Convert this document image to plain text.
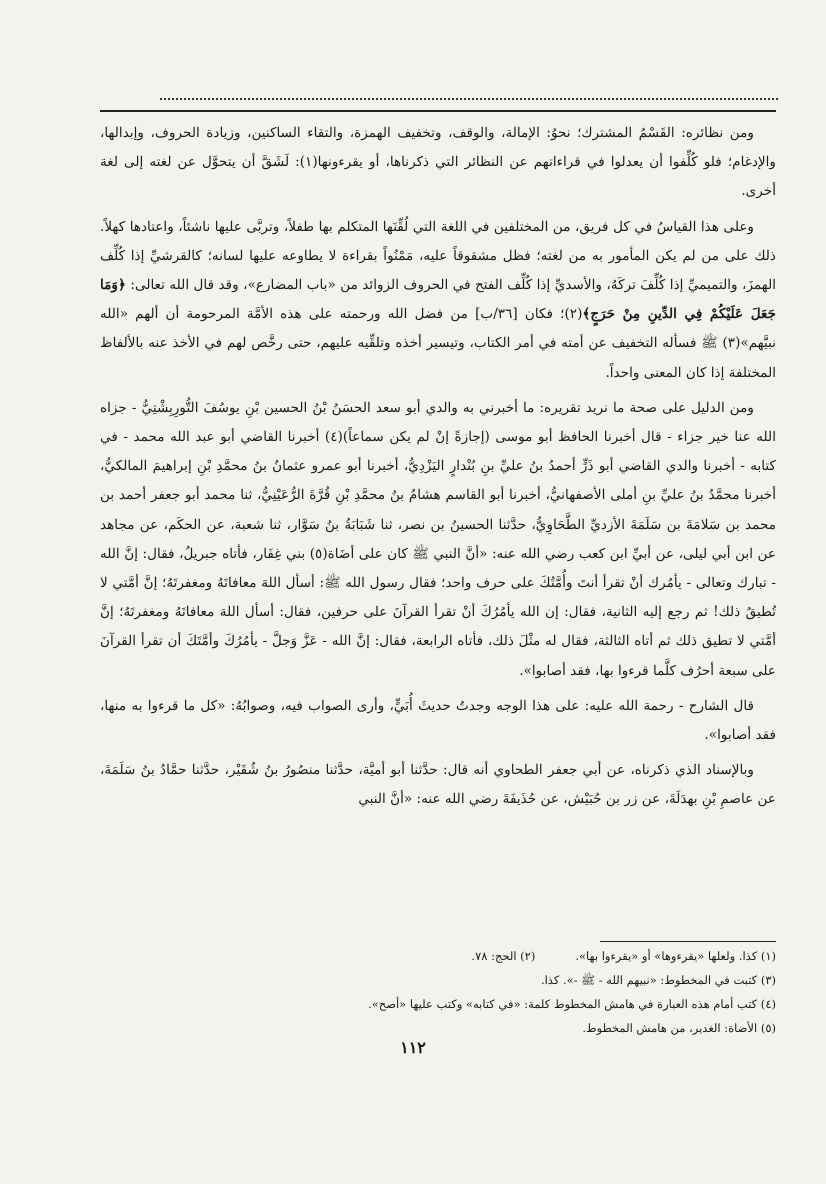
ومن نظائره: القَسْمُ المشترك؛ نحوُ: الإمالة، والوقف، وتخفيف الهمزة، والتقاء الساكنين، وزيادة الحروف، وإبدالها، والإدغام؛ فلو كُلِّفوا أن يعدلوا في قراءاتهم عن النظائر التي ذكرناها، أو يقرءونها(١): لَشَقَّ أن يتحوَّل عن لغته إلى لغة أخرى.

وعلى هذا القياسُ في كل فريق، من المختلفين في اللغة التي لُقِّنَها المتكلم بها طفلاً، وتربَّى عليها ناشئاً، واعتادها كهلاً. ذلك على من لم يكن المأمور به من لغته؛ فظل مشقوقاً عليه، مَمْنُواً بقراءة لا يطاوعه عليها لسانه؛ كالقرشيِّ إذا كُلِّف الهمزَ، والتميميِّ إذا كُلِّفَ تركَهُ، والأسديِّ إذا كُلِّف الفتح في الحروف الزوائد من «باب المضارع»، وقد قال الله تعالى: ﴿وَمَا جَعَلَ عَلَيْكُمْ فِي الدِّينِ مِنْ حَرَجٍ﴾(٢)؛ فكان [٣٦/ب] من فضل الله ورحمته على هذه الأمَّة المرحومة أن ألهم «الله نبيَّهم»(٣) ﷺ فسأله التخفيف عن أمته في أمر الكتاب، وتيسير أخذه وتلقِّيه عليهم، حتى رخَّص لهم في الأخذ عنه بالألفاظ المختلفة إذا كان المعنى واحداً.

ومن الدليل على صحة ما نريد تقريره: ما أخبرني به والدي أبو سعد الحسَنُ بْنُ الحسين بْنِ يوسُفَ التُّورِبِشْتِيُّ - جزاه الله عنا خير جزاء - قال أخبرنا الحافظ أبو موسى (إجازةً إنْ لم يكن سماعاً)(٤) أخبرنا القاضي أبو عبد الله محمد - في كتابه - أخبرنا والدي القاضي أبو ذَرٍّ أحمدُ بنُ عليِّ بنِ بُنْدارٍ اليَزْدِيُّ، أخبرنا أبو عمرو عثمانُ بنُ محمَّدِ بْنِ إبراهيمَ المالكيُّ، أخبرنا محمَّدُ بنُ عليِّ بنِ أملى الأصفهانيُّ، أخبرنا أبو القاسم هشامُ بنُ محمَّدِ بْنِ قُرَّةَ الرُّعَيْنِيُّ، ثنا محمد أبو جعفر أحمد بن محمد بن سَلامَةَ بن سَلَمَةَ الأزديِّ الطَّحَاوِيُّ، حدَّثنا الحسينُ بن نصر، ثنا شَبَابَةُ بنُ سَوَّار، ثنا شعبة، عن الحكَم، عن مجاهد عن ابن أبي ليلى، عن أبيِّ ابن كعب رضي الله عنه: «أنَّ النبي ﷺ كان على أضَاة(٥) بني غِفَار، فأتاه جبريلُ، فقال: إنَّ الله - تبارك وتعالى - يأمُرك أنْ تقرأ أنتَ وأُمَّتُكَ على حرف واحد؛ فقال رسول الله ﷺ: أسأل اللهَ معافاتَهُ ومغفرتَهُ؛ إنَّ أمَّتي لا تُطيقُ ذلك! ثم رجع إليه الثانية، فقال: إن الله يأمُرُكَ أنْ تقرأ القرآنَ على حرفين، فقال: أسأل اللهَ معافاتَهُ ومغفرتَهُ؛ إنَّ أمَّتي لا تطيق ذلك ثم أتاه الثالثة، فقال له مثْلَ ذلك، فأتاه الرابعة، فقال: إنَّ الله - عَزَّ وَجلَّ - يأمُرُكَ وأمَّتَكَ أن تقرأ القرآنَ على سبعة أحرُف كلَّما قرءوا بها، فقد أصابوا».

قال الشارح - رحمة الله عليه: على هذا الوجه وجدتُ حديثَ أُبَيٍّ، وأرى الصواب فيه، وصوابُهُ: «كل ما قرءوا به منها، فقد أصابوا».

وبالإسناد الذي ذكرناه، عن أبي جعفر الطحاوي أنه قال: حدَّثنا أبو أميَّة، حدَّثنا منصُورُ بنُ شُقَيْر، حدَّثنا حمَّادُ بنُ سَلَمَةَ، عن عاصمِ بْنِ بهدَلَةَ، عن زر بن حُبَيْش، عن حُذَيفَةَ رضي الله عنه: «أنَّ النبي

(١) كذا. ولعلها «يقرءوها» أو «يقرءوا بها».
(٢) الحج: ٧٨.
(٣) كتبت في المخطوط: «نبيهم الله - ﷺ -». كذا.
(٤) كتب أمام هذه العبارة في هامش المخطوط كلمة: «في كتابه» وكتب عليها «أصح».
(٥) الأضاة: الغدير، من هامش المخطوط.
١١٢
